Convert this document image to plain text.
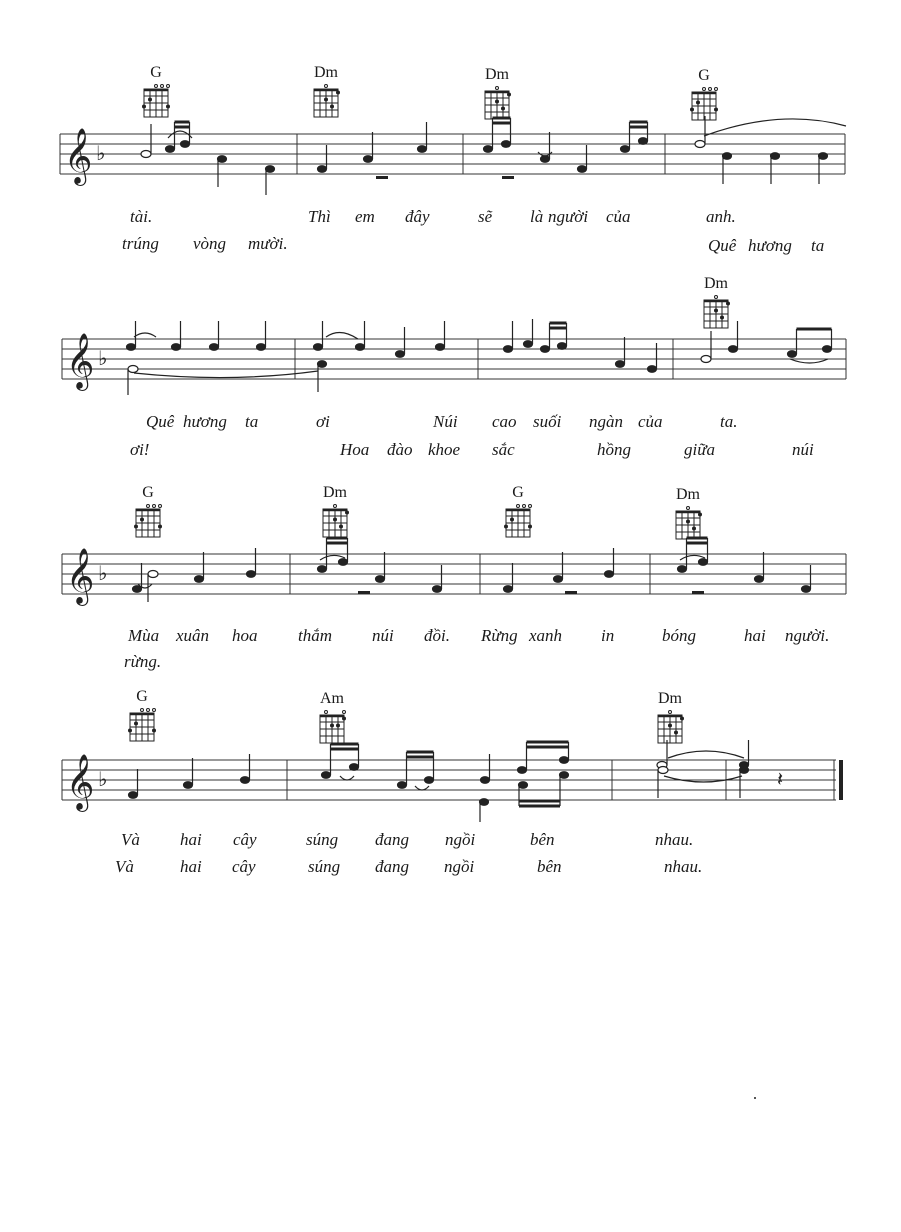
G	Dm	Dm	G
𝄞 ♭
tài.	Thì em đây	sẽ là người của	anh.
trúng vòng mười.	Quê hương ta
Dm
𝄞 ♭
Quê hương ta	ơi	Núi cao suối ngàn của	ta.
ơi!	Hoa đào khoe sắc	hồng	giữa	núi
G	Dm	G	Dm
𝄞 ♭
Mùa xuân hoa thắm núi đồi. Rừng xanh in	bóng	hai người.
rừng.
G	Am	Dm
𝄞 ♭	𝄽
Và hai cây	súng đang ngồi	bên	nhau.
Và	hai cây	súng đang ngồi	bên	nhau.
